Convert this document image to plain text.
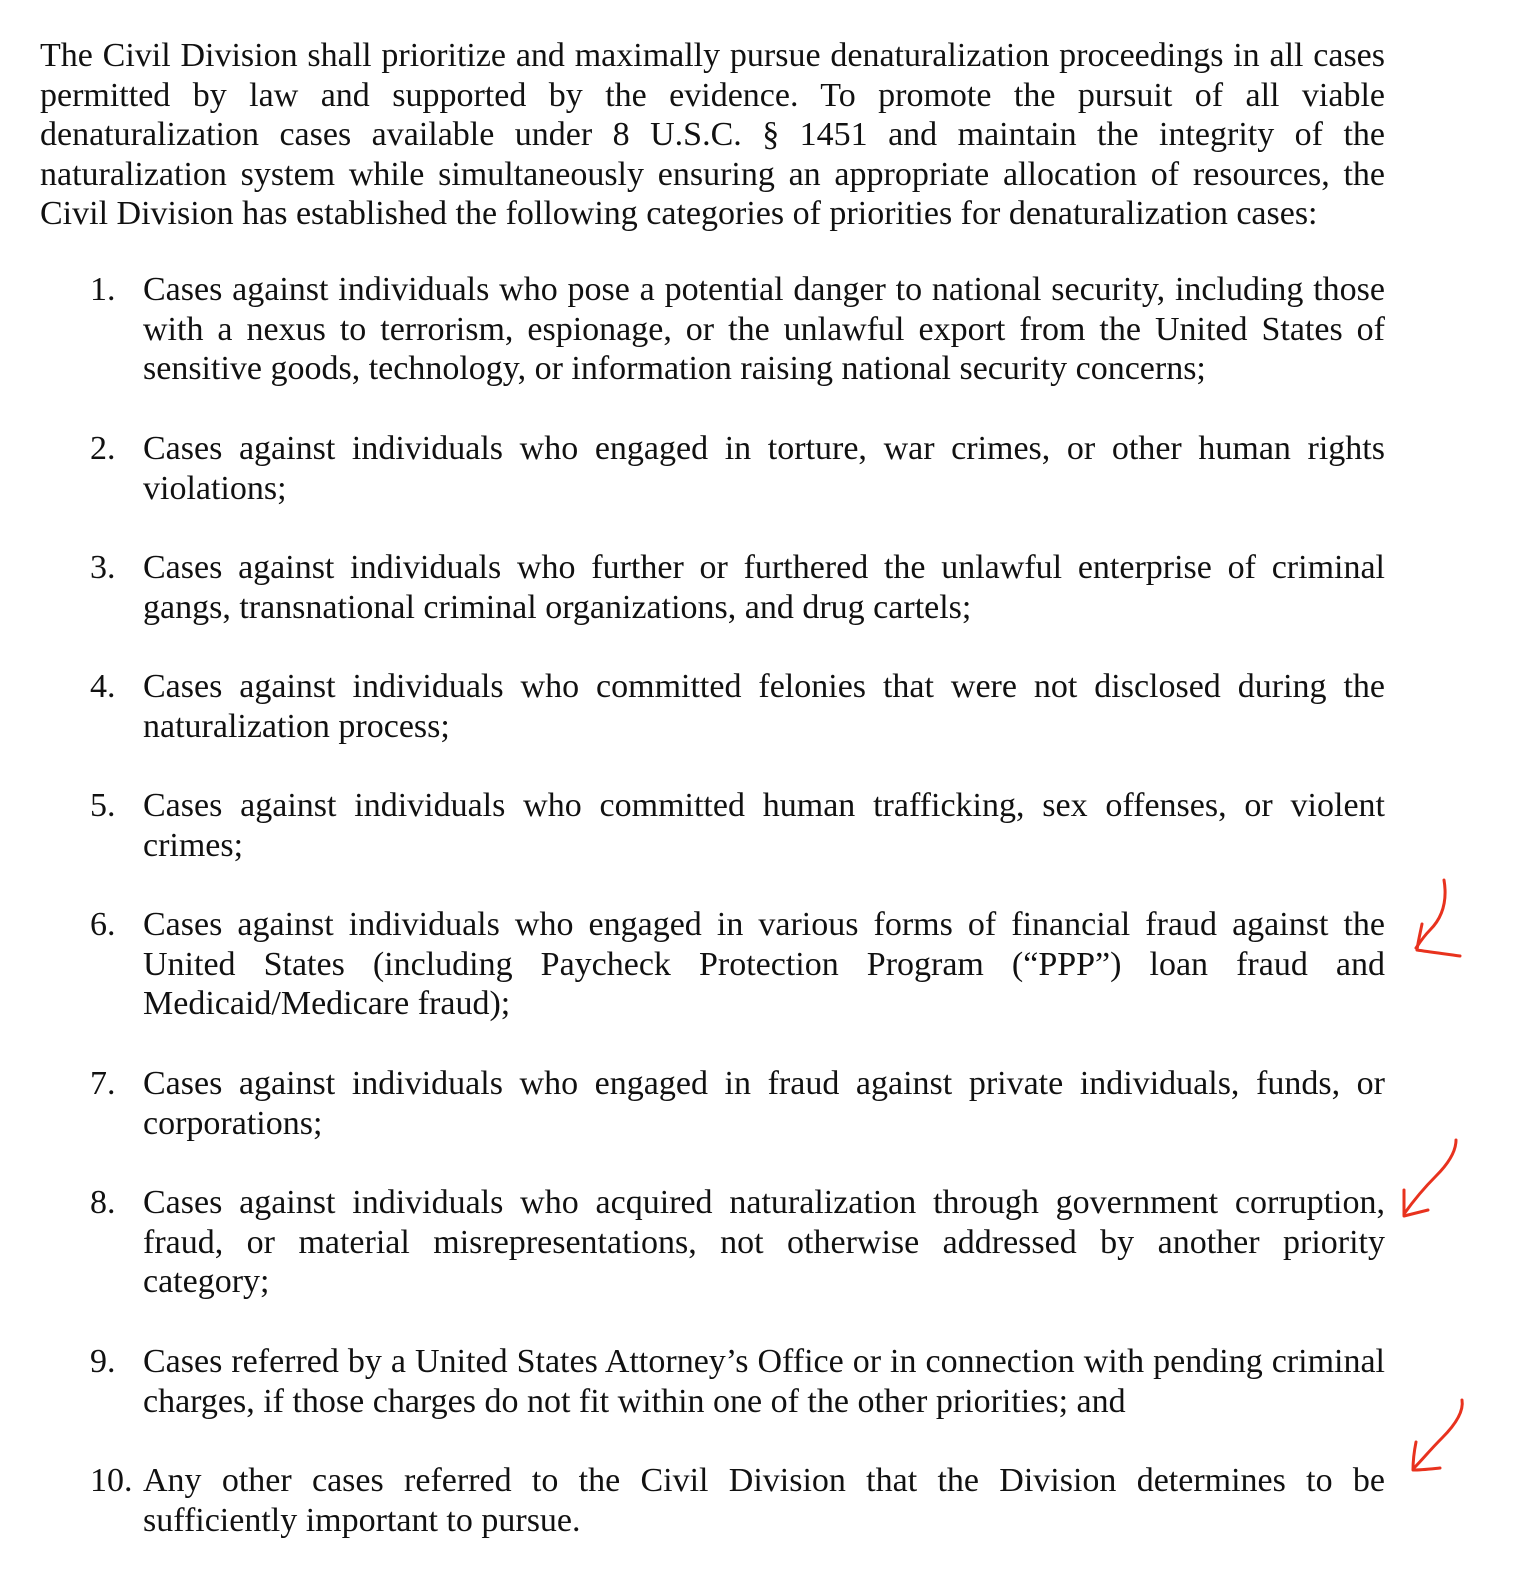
The Civil Division shall prioritize and maximally pursue denaturalization proceedings in all cases permitted by law and supported by the evidence. To promote the pursuit of all viable denaturalization cases available under 8 U.S.C. § 1451 and maintain the integrity of the naturalization system while simultaneously ensuring an appropriate allocation of resources, the Civil Division has established the following categories of priorities for denaturalization cases:

1. Cases against individuals who pose a potential danger to national security, including those with a nexus to terrorism, espionage, or the unlawful export from the United States of sensitive goods, technology, or information raising national security concerns;
2. Cases against individuals who engaged in torture, war crimes, or other human rights violations;
3. Cases against individuals who further or furthered the unlawful enterprise of criminal gangs, transnational criminal organizations, and drug cartels;
4. Cases against individuals who committed felonies that were not disclosed during the naturalization process;
5. Cases against individuals who committed human trafficking, sex offenses, or violent crimes;
6. Cases against individuals who engaged in various forms of financial fraud against the United States (including Paycheck Protection Program (“PPP”) loan fraud and Medicaid/Medicare fraud);
7. Cases against individuals who engaged in fraud against private individuals, funds, or corporations;
8. Cases against individuals who acquired naturalization through government corruption, fraud, or material misrepresentations, not otherwise addressed by another priority category;
9. Cases referred by a United States Attorney’s Office or in connection with pending criminal charges, if those charges do not fit within one of the other priorities; and
10. Any other cases referred to the Civil Division that the Division determines to be sufficiently important to pursue.
